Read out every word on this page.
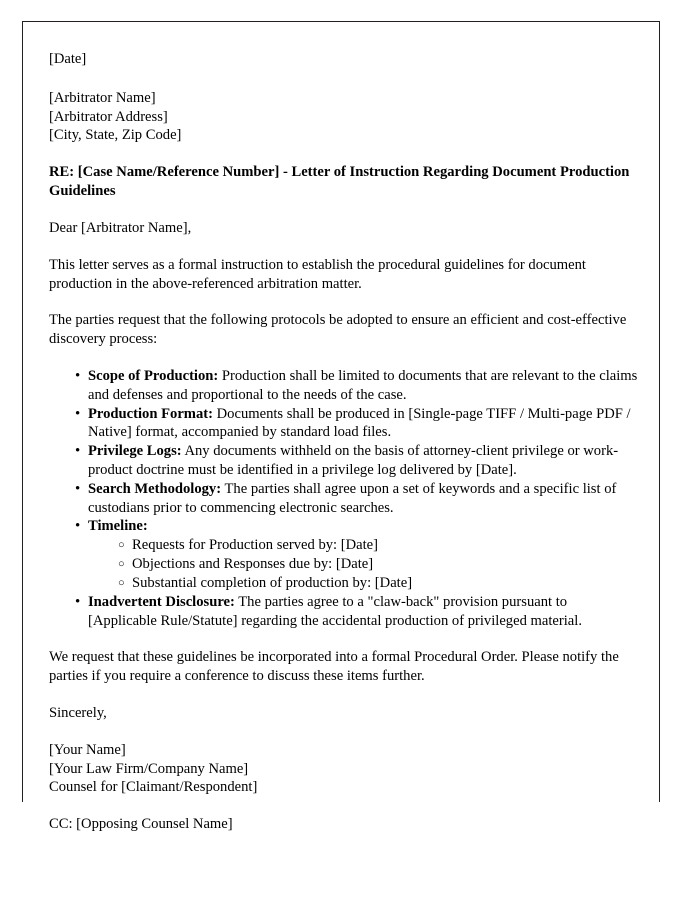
[Date]
[Arbitrator Name]
[Arbitrator Address]
[City, State, Zip Code]
RE: [Case Name/Reference Number] - Letter of Instruction Regarding Document Production Guidelines

Dear [Arbitrator Name],

This letter serves as a formal instruction to establish the procedural guidelines for document production in the above-referenced arbitration matter.

The parties request that the following protocols be adopted to ensure an efficient and cost-effective discovery process:

• Scope of Production: Production shall be limited to documents that are relevant to the claims and defenses and proportional to the needs of the case.
• Production Format: Documents shall be produced in [Single-page TIFF / Multi-page PDF / Native] format, accompanied by standard load files.
• Privilege Logs: Any documents withheld on the basis of attorney-client privilege or work-product doctrine must be identified in a privilege log delivered by [Date].
• Search Methodology: The parties shall agree upon a set of keywords and a specific list of custodians prior to commencing electronic searches.
• Timeline:
○ Requests for Production served by: [Date]
○ Objections and Responses due by: [Date]
○ Substantial completion of production by: [Date]
• Inadvertent Disclosure: The parties agree to a "claw-back" provision pursuant to [Applicable Rule/Statute] regarding the accidental production of privileged material.

We request that these guidelines be incorporated into a formal Procedural Order. Please notify the parties if you require a conference to discuss these items further.

Sincerely,

[Your Name]
[Your Law Firm/Company Name]
Counsel for [Claimant/Respondent]
CC: [Opposing Counsel Name]
